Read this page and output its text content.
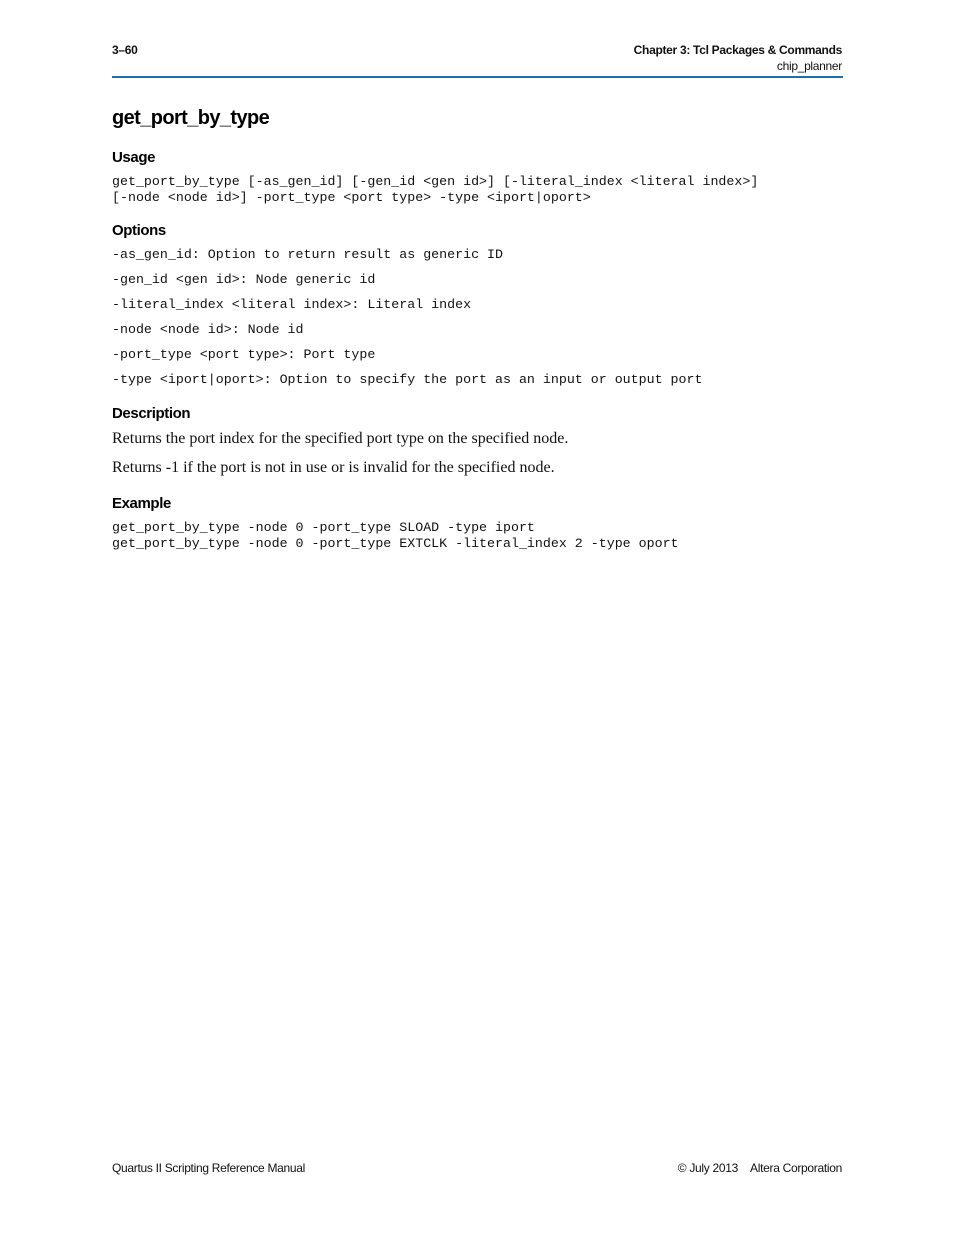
3–60	Chapter 3: Tcl Packages & Commands
chip_planner
get_port_by_type
Usage
get_port_by_type [-as_gen_id] [-gen_id <gen id>] [-literal_index <literal index>]
[-node <node id>] -port_type <port type> -type <iport|oport>
Options
-as_gen_id: Option to return result as generic ID
-gen_id <gen id>: Node generic id
-literal_index <literal index>: Literal index
-node <node id>: Node id
-port_type <port type>: Port type
-type <iport|oport>: Option to specify the port as an input or output port
Description
Returns the port index for the specified port type on the specified node.
Returns -1 if the port is not in use or is invalid for the specified node.
Example
get_port_by_type -node 0 -port_type SLOAD -type iport
get_port_by_type -node 0 -port_type EXTCLK -literal_index 2 -type oport
Quartus II Scripting Reference Manual	© July 2013 Altera Corporation
